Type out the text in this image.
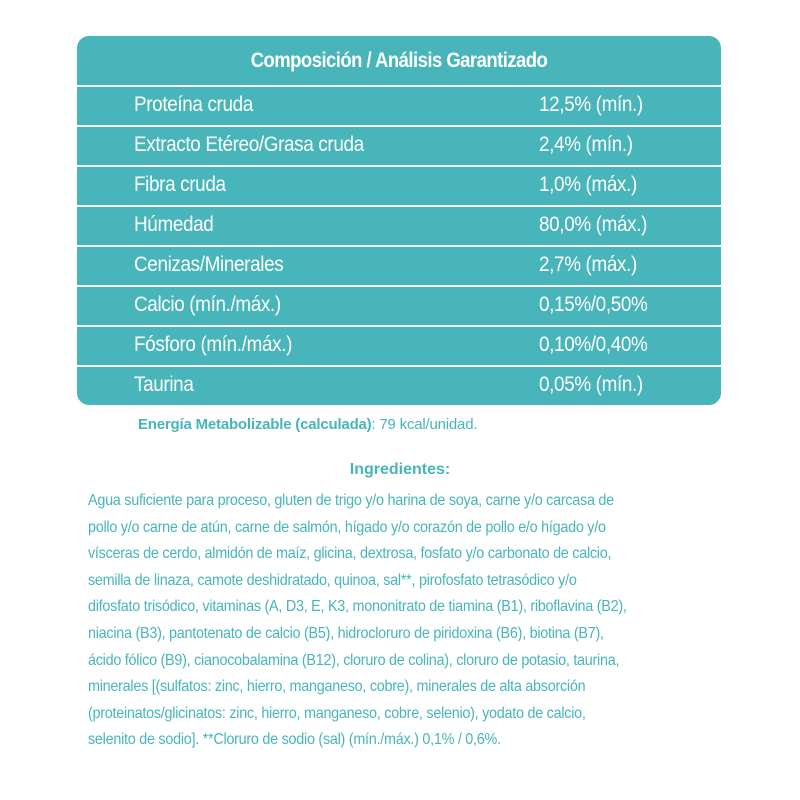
Composición / Análisis Garantizado
Proteína cruda	12,5% (mín.)
Extracto Etéreo/Grasa cruda	2,4% (mín.)
Fibra cruda	1,0% (máx.)
Húmedad	80,0% (máx.)
Cenizas/Minerales	2,7% (máx.)
Calcio (mín./máx.)	0,15%/0,50%
Fósforo (mín./máx.)	0,10%/0,40%
Taurina	0,05% (mín.)
Energía Metabolizable (calculada): 79 kcal/unidad.
Ingredientes:
Agua suficiente para proceso, gluten de trigo y/o harina de soya, carne y/o carcasa de
pollo y/o carne de atún, carne de salmón, hígado y/o corazón de pollo e/o hígado y/o
vísceras de cerdo, almidón de maíz, glicina, dextrosa, fosfato y/o carbonato de calcio,
semilla de linaza, camote deshidratado, quinoa, sal**, pirofosfato tetrasódico y/o
difosfato trisódico, vitaminas (A, D3, E, K3, mononitrato de tiamina (B1), riboflavina (B2),
niacina (B3), pantotenato de calcio (B5), hidrocloruro de piridoxina (B6), biotina (B7),
ácido fólico (B9), cianocobalamina (B12), cloruro de colina), cloruro de potasio, taurina,
minerales [(sulfatos: zinc, hierro, manganeso, cobre), minerales de alta absorción
(proteinatos/glicinatos: zinc, hierro, manganeso, cobre, selenio), yodato de calcio,
selenito de sodio]. **Cloruro de sodio (sal) (mín./máx.) 0,1% / 0,6%.
